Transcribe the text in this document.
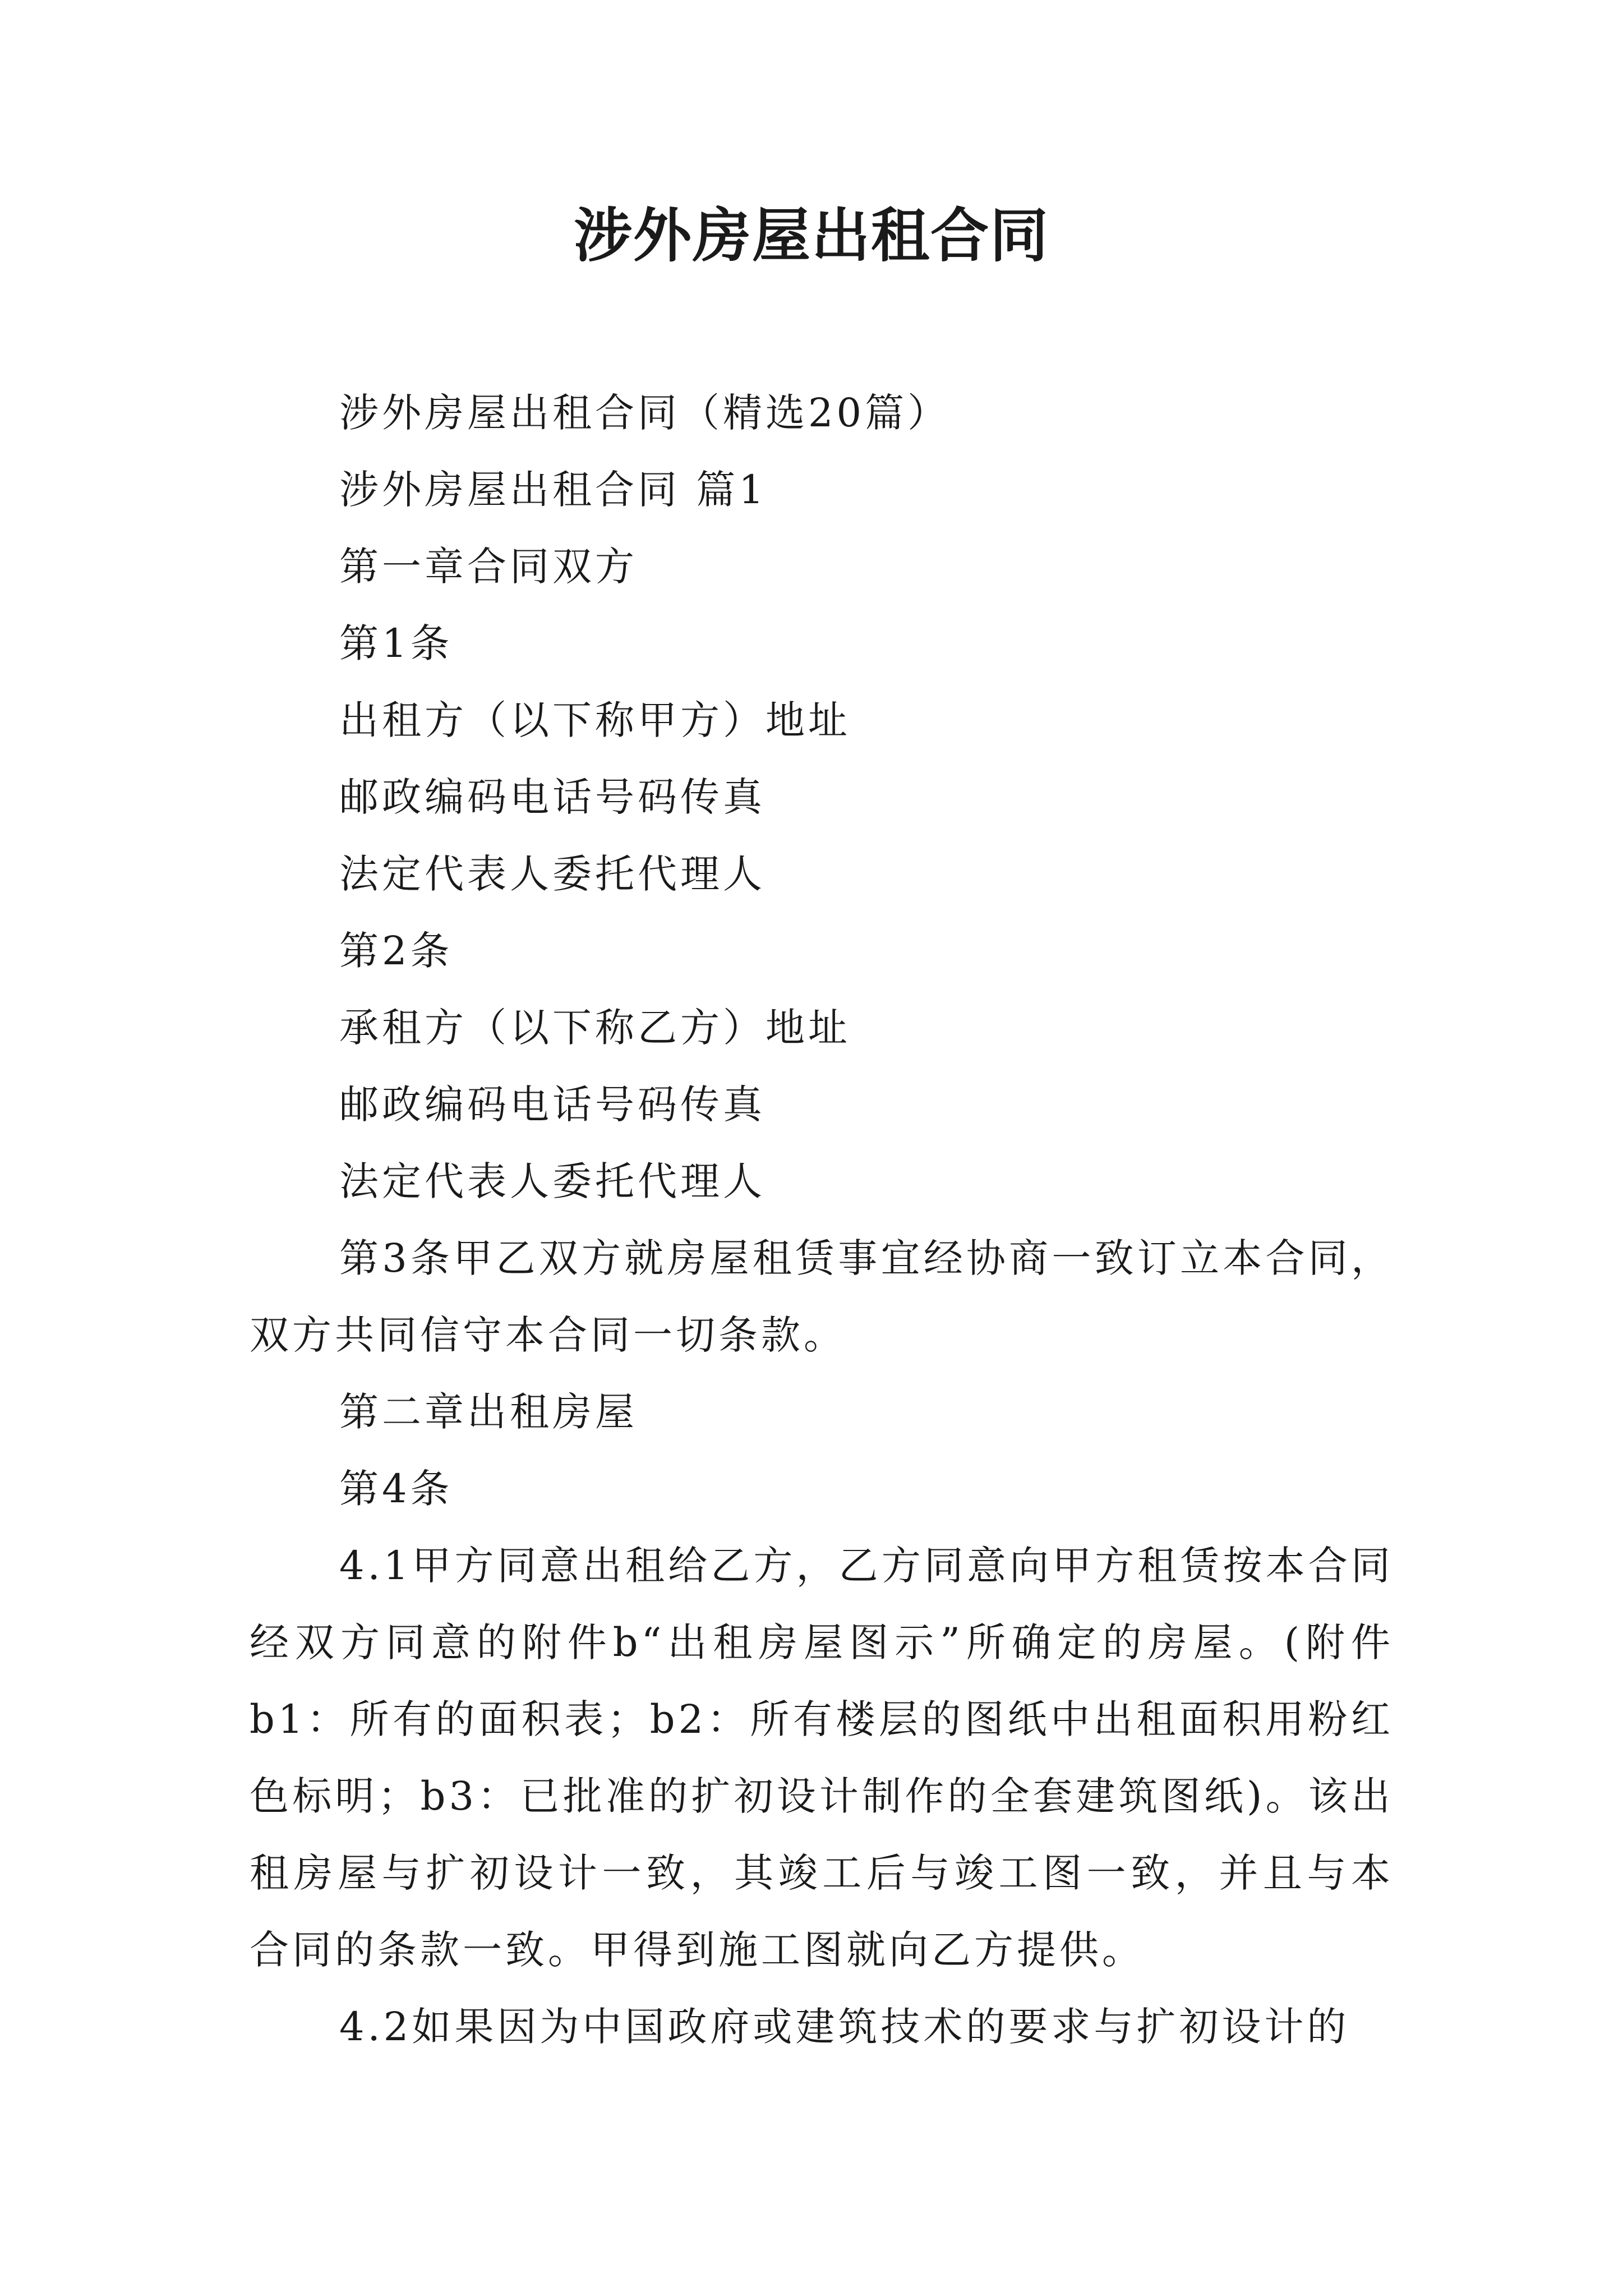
涉外房屋出租合同

涉外房屋出租合同（精选20篇）

涉外房屋出租合同 篇1

第一章合同双方

第1条

出租方（以下称甲方）地址

邮政编码电话号码传真

法定代表人委托代理人

第2条

承租方（以下称乙方）地址

邮政编码电话号码传真

法定代表人委托代理人

第3条甲乙双方就房屋租赁事宜经协商一致订立本合同，双方共同信守本合同一切条款。

第二章出租房屋

第4条

4.1甲方同意出租给乙方，乙方同意向甲方租赁按本合同经双方同意的附件b“出租房屋图示”所确定的房屋。(附件b1：所有的面积表；b2：所有楼层的图纸中出租面积用粉红色标明；b3：已批准的扩初设计制作的全套建筑图纸)。该出租房屋与扩初设计一致，其竣工后与竣工图一致，并且与本合同的条款一致。甲得到施工图就向乙方提供。

4.2如果因为中国政府或建筑技术的要求与扩初设计的
